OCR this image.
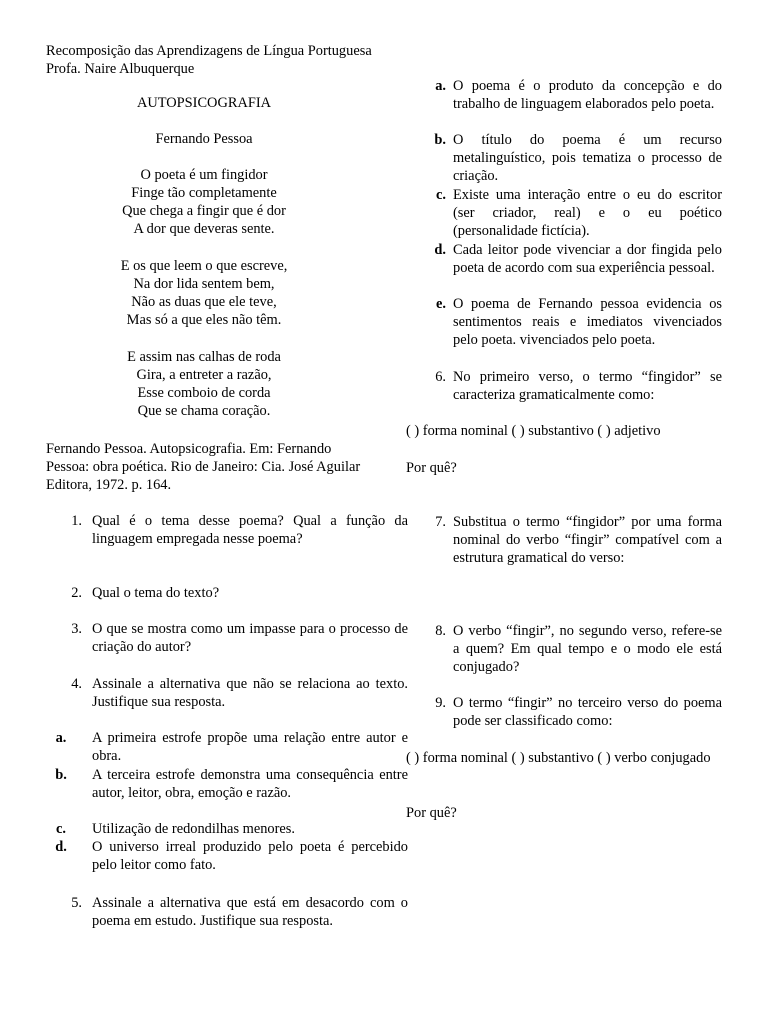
Recomposição das Aprendizagens de Língua Portuguesa
Profa. Naire Albuquerque
AUTOPSICOGRAFIA
Fernando Pessoa
O poeta é um fingidor
Finge tão completamente
Que chega a fingir que é dor
A dor que deveras sente.
E os que leem o que escreve,
Na dor lida sentem bem,
Não as duas que ele teve,
Mas só a que eles não têm.
E assim nas calhas de roda
Gira, a entreter a razão,
Esse comboio de corda
Que se chama coração.
Fernando Pessoa. Autopsicografia. Em: Fernando Pessoa: obra poética. Rio de Janeiro: Cia. José Aguilar Editora, 1972. p. 164.
1. Qual é o tema desse poema? Qual a função da linguagem empregada nesse poema?
2. Qual o tema do texto?
3. O que se mostra como um impasse para o processo de criação do autor?
4. Assinale a alternativa que não se relaciona ao texto. Justifique sua resposta.
a.	A primeira estrofe propõe uma relação entre autor e obra.
b.	A terceira estrofe demonstra uma consequência entre autor, leitor, obra, emoção e razão.
c.	Utilização de redondilhas menores.
d.	O universo irreal produzido pelo poeta é percebido pelo leitor como fato.
5. Assinale a alternativa que está em desacordo com o poema em estudo. Justifique sua resposta.
a. O poema é o produto da concepção e do trabalho de linguagem elaborados pelo poeta.
b. O título do poema é um recurso metalinguístico, pois tematiza o processo de criação.
c. Existe uma interação entre o eu do escritor (ser criador, real) e o eu poético (personalidade fictícia).
d. Cada leitor pode vivenciar a dor fingida pelo poeta de acordo com sua experiência pessoal.
e. O poema de Fernando pessoa evidencia os sentimentos reais e imediatos vivenciados pelo poeta. vivenciados pelo poeta.
6. No primeiro verso, o termo “fingidor” se caracteriza gramaticalmente como:
( ) forma nominal ( ) substantivo ( ) adjetivo
Por quê?
7. Substitua o termo “fingidor” por uma forma nominal do verbo “fingir” compatível com a estrutura gramatical do verso:
8. O verbo “fingir”, no segundo verso, refere-se a quem? Em qual tempo e o modo ele está conjugado?
9. O termo “fingir” no terceiro verso do poema pode ser classificado como:
( ) forma nominal ( ) substantivo ( ) verbo conjugado
Por quê?
